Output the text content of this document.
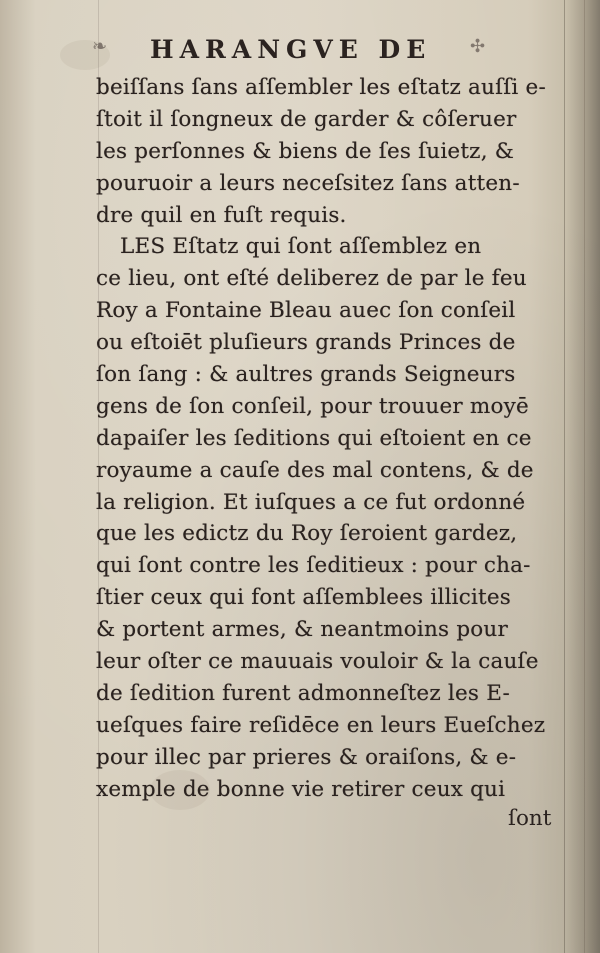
❧	✣
HARANGVE DE
beiſſans ſans aſſembler les eſtatz auſſi e-
ſtoit il ſongneux de garder & côſeruer
les perſonnes & biens de ſes ſuietz, &
pouruoir a leurs neceſsitez ſans atten-
dre quil en fuſt requis.
LES Eſtatz qui ſont aſſemblez en
ce lieu, ont eſté deliberez de par le feu
Roy a Fontaine Bleau auec ſon conſeil
ou eſtoiēt pluſieurs grands Princes de
ſon ſang : & aultres grands Seigneurs
gens de ſon conſeil, pour trouuer moyē
dapaiſer les ſeditions qui eſtoient en ce
royaume a cauſe des mal contens, & de
la religion. Et iuſques a ce fut ordonné
que les edictz du Roy ſeroient gardez,
qui ſont contre les ſeditieux : pour cha-
ſtier ceux qui font aſſemblees illicites
& portent armes, & neantmoins pour
leur oſter ce mauuais vouloir & la cauſe
de ſedition furent admonneſtez les E-
ueſques faire reſidēce en leurs Eueſchez
pour illec par prieres & oraiſons, & e-
xemple de bonne vie retirer ceux qui
ſont
